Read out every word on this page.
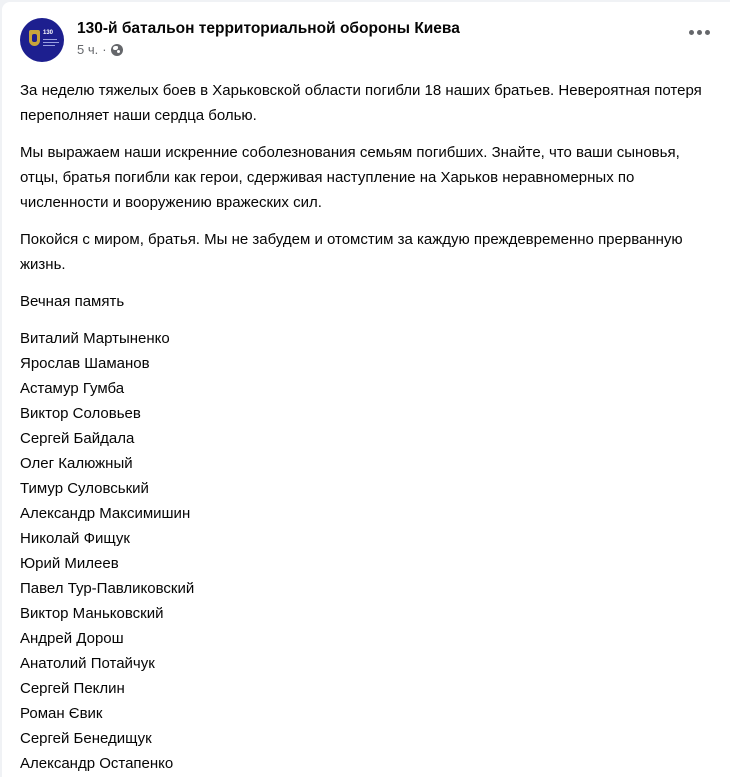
130 130-й батальон территориальной обороны Киева
5 ч. ·

За неделю тяжелых боев в Харьковской области погибли 18 наших братьев. Невероятная потеря переполняет наши сердца болью.

Мы выражаем наши искренние соболезнования семьям погибших. Знайте, что ваши сыновья, отцы, братья погибли как герои, сдерживая наступление на Харьков неравномерных по численности и вооружению вражеских сил.

Покойся с миром, братья. Мы не забудем и отомстим за каждую преждевременно прерванную жизнь.

Вечная память

Виталий Мартыненко
Ярослав Шаманов
Астамур Гумба
Виктор Соловьев
Сергей Байдала
Олег Калюжный
Тимур Суловський
Александр Максимишин
Николай Фищук
Юрий Милеев
Павел Тур-Павликовский
Виктор Маньковский
Андрей Дорош
Анатолий Потайчук
Сергей Пеклин
Роман Євик
Сергей Бенедищук
Александр Остапенко
